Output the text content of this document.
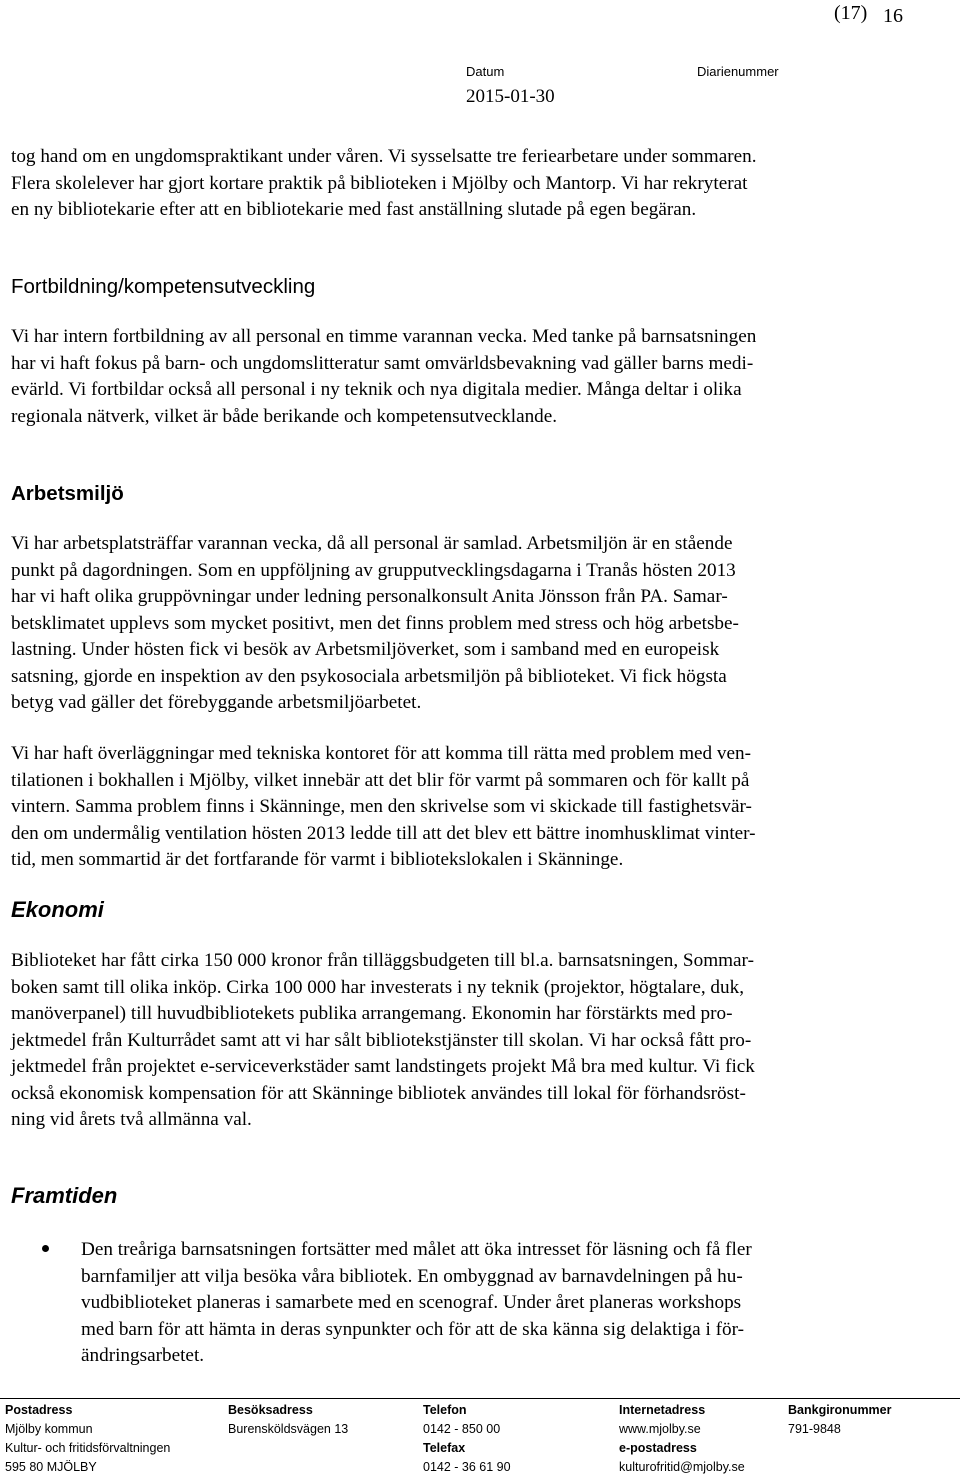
(17) 16
Datum	Diarienummer
2015-01-30

tog hand om en ungdomspraktikant under våren. Vi sysselsatte tre feriearbetare under sommaren.
Flera skolelever har gjort kortare praktik på biblioteken i Mjölby och Mantorp. Vi har rekryterat
en ny bibliotekarie efter att en bibliotekarie med fast anställning slutade på egen begäran.

Fortbildning/kompetensutveckling

Vi har intern fortbildning av all personal en timme varannan vecka. Med tanke på barnsatsningen
har vi haft fokus på barn- och ungdomslitteratur samt omvärldsbevakning vad gäller barns medi-
evärld. Vi fortbildar också all personal i ny teknik och nya digitala medier. Många deltar i olika
regionala nätverk, vilket är både berikande och kompetensutvecklande.

Arbetsmiljö

Vi har arbetsplatsträffar varannan vecka, då all personal är samlad. Arbetsmiljön är en stående
punkt på dagordningen. Som en uppföljning av grupputvecklingsdagarna i Tranås hösten 2013
har vi haft olika gruppövningar under ledning personalkonsult Anita Jönsson från PA. Samar-
betsklimatet upplevs som mycket positivt, men det finns problem med stress och hög arbetsbe-
lastning. Under hösten fick vi besök av Arbetsmiljöverket, som i samband med en europeisk
satsning, gjorde en inspektion av den psykosociala arbetsmiljön på biblioteket. Vi fick högsta
betyg vad gäller det förebyggande arbetsmiljöarbetet.

Vi har haft överläggningar med tekniska kontoret för att komma till rätta med problem med ven-
tilationen i bokhallen i Mjölby, vilket innebär att det blir för varmt på sommaren och för kallt på
vintern. Samma problem finns i Skänninge, men den skrivelse som vi skickade till fastighetsvär-
den om undermålig ventilation hösten 2013 ledde till att det blev ett bättre inomhusklimat vinter-
tid, men sommartid är det fortfarande för varmt i bibliotekslokalen i Skänninge.

Ekonomi

Biblioteket har fått cirka 150 000 kronor från tilläggsbudgeten till bl.a. barnsatsningen, Sommar-
boken samt till olika inköp. Cirka 100 000 har investerats i ny teknik (projektor, högtalare, duk,
manöverpanel) till huvudbibliotekets publika arrangemang. Ekonomin har förstärkts med pro-
jektmedel från Kulturrådet samt att vi har sålt bibliotekstjänster till skolan. Vi har också fått pro-
jektmedel från projektet e-serviceverkstäder samt landstingets projekt Må bra med kultur. Vi fick
också ekonomisk kompensation för att Skänninge bibliotek användes till lokal för förhandsröst-
ning vid årets två allmänna val.

Framtiden

Den treåriga barnsatsningen fortsätter med målet att öka intresset för läsning och få fler
barnfamiljer att vilja besöka våra bibliotek. En ombyggnad av barnavdelningen på hu-
vudbiblioteket planeras i samarbete med en scenograf. Under året planeras workshops
med barn för att hämta in deras synpunkter och för att de ska känna sig delaktiga i för-
ändringsarbetet.

Postadress
Mjölby kommun
Kultur- och fritidsförvaltningen
595 80 MJÖLBY
Besöksadress
Burensköldsvägen 13
Telefon
0142 - 850 00
Telefax
0142 - 36 61 90
Internetadress
www.mjolby.se
e-postadress
kulturofritid@mjolby.se
Bankgironummer
791-9848
